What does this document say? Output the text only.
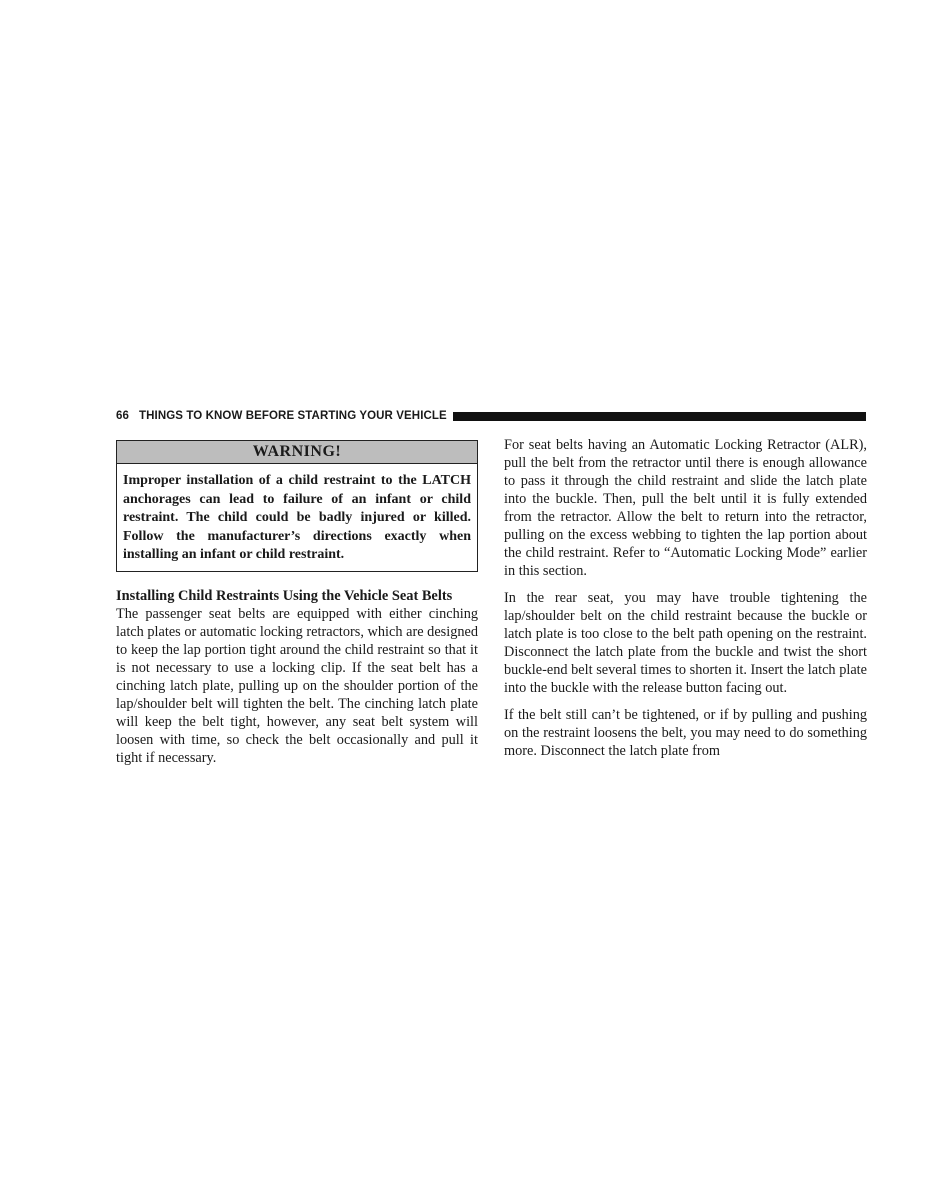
66 THINGS TO KNOW BEFORE STARTING YOUR VEHICLE
WARNING!
Improper installation of a child restraint to the LATCH anchorages can lead to failure of an infant or child restraint. The child could be badly injured or killed. Follow the manufacturer’s directions exactly when installing an infant or child restraint.
Installing Child Restraints Using the Vehicle Seat Belts

The passenger seat belts are equipped with either cinching latch plates or automatic locking retractors, which are designed to keep the lap portion tight around the child restraint so that it is not necessary to use a locking clip. If the seat belt has a cinching latch plate, pulling up on the shoulder portion of the lap/shoulder belt will tighten the belt. The cinching latch plate will keep the belt tight, however, any seat belt system will loosen with time, so check the belt occasionally and pull it tight if necessary.

For seat belts having an Automatic Locking Retractor (ALR), pull the belt from the retractor until there is enough allowance to pass it through the child restraint and slide the latch plate into the buckle. Then, pull the belt until it is fully extended from the retractor. Allow the belt to return into the retractor, pulling on the excess webbing to tighten the lap portion about the child restraint. Refer to “Automatic Locking Mode” earlier in this section.

In the rear seat, you may have trouble tightening the lap/shoulder belt on the child restraint because the buckle or latch plate is too close to the belt path opening on the restraint. Disconnect the latch plate from the buckle and twist the short buckle-end belt several times to shorten it. Insert the latch plate into the buckle with the release button facing out.

If the belt still can’t be tightened, or if by pulling and pushing on the restraint loosens the belt, you may need to do something more. Disconnect the latch plate from
